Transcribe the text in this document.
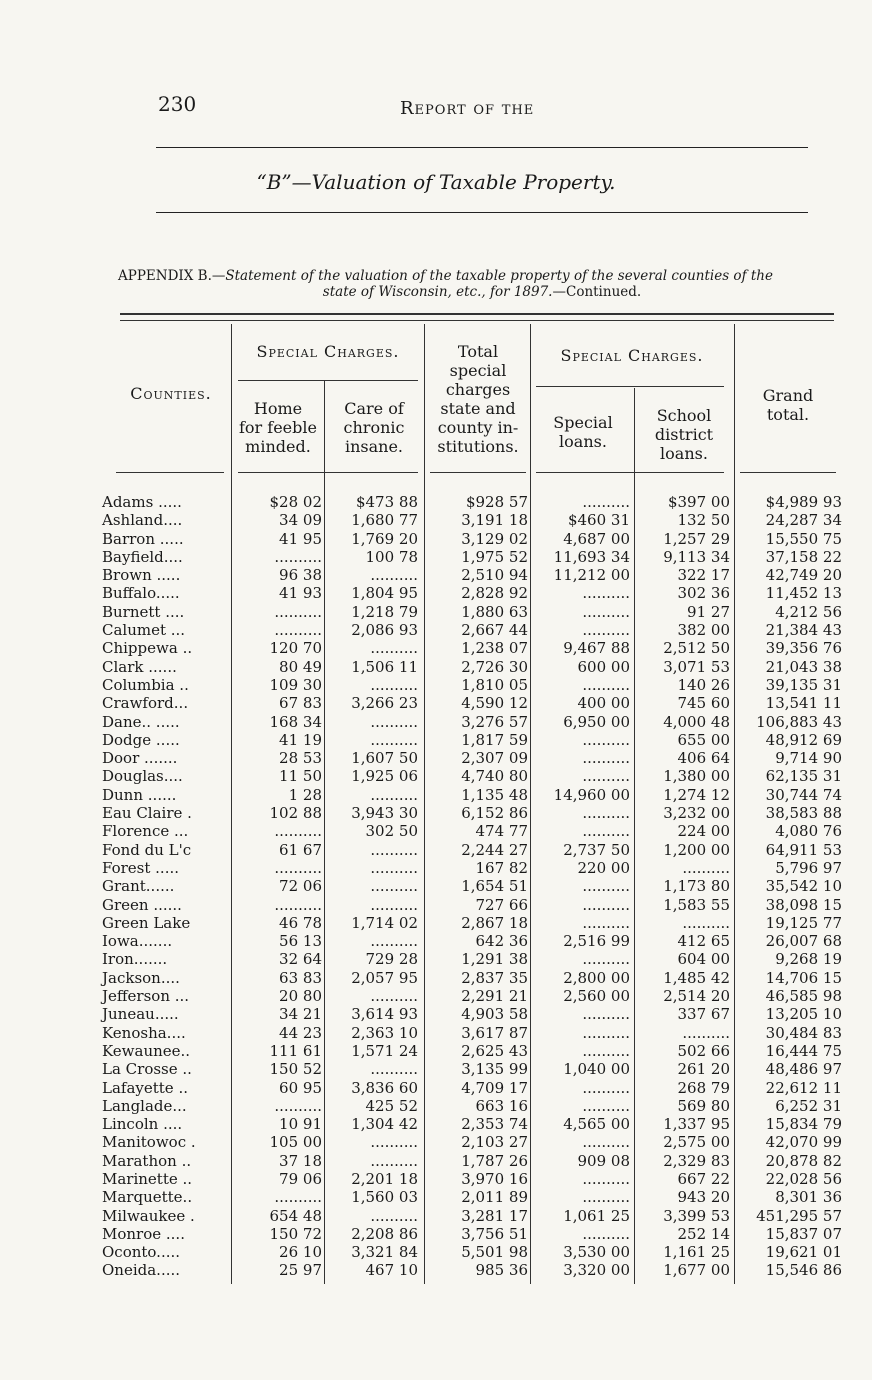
230	Report of the
“B”—Valuation of Taxable Property.
APPENDIX B.—Statement of the valuation of the taxable property of the several counties of the
state of Wisconsin, etc., for 1897.—Continued.
Counties.
Special Charges.
Home
for feeble
minded.
Care of
chronic
insane.
Total
special
charges
state and
county in-
stitutions.
Special Charges.
Special
loans.
School
district
loans.
Grand
total.
Adams .....
Ashland....
Barron .....
Bayfield....
Brown .....
Buffalo.....
Burnett ....
Calumet ...
Chippewa ..
Clark ......
Columbia ..
Crawford...
Dane.. .....
Dodge .....
Door .......
Douglas....
Dunn ......
Eau Claire .
Florence ...
Fond du L'c
Forest .....
Grant......
Green ......
Green Lake
Iowa.......
Iron.......
Jackson....
Jefferson ...
Juneau.....
Kenosha....
Kewaunee..
La Crosse ..
Lafayette ..
Langlade...
Lincoln ....
Manitowoc .
Marathon ..
Marinette ..
Marquette..
Milwaukee .
Monroe ....
Oconto.....
Oneida.....
$28 02
34 09
41 95
..........
96 38
41 93
..........
..........
120 70
80 49
109 30
67 83
168 34
41 19
28 53
11 50
1 28
102 88
..........
61 67
..........
72 06
..........
46 78
56 13
32 64
63 83
20 80
34 21
44 23
111 61
150 52
60 95
..........
10 91
105 00
37 18
79 06
..........
654 48
150 72
26 10
25 97
$473 88
1,680 77
1,769 20
100 78
..........
1,804 95
1,218 79
2,086 93
..........
1,506 11
..........
3,266 23
..........
..........
1,607 50
1,925 06
..........
3,943 30
302 50
..........
..........
..........
..........
1,714 02
..........
729 28
2,057 95
..........
3,614 93
2,363 10
1,571 24
..........
3,836 60
425 52
1,304 42
..........
..........
2,201 18
1,560 03
..........
2,208 86
3,321 84
467 10
$928 57
3,191 18
3,129 02
1,975 52
2,510 94
2,828 92
1,880 63
2,667 44
1,238 07
2,726 30
1,810 05
4,590 12
3,276 57
1,817 59
2,307 09
4,740 80
1,135 48
6,152 86
474 77
2,244 27
167 82
1,654 51
727 66
2,867 18
642 36
1,291 38
2,837 35
2,291 21
4,903 58
3,617 87
2,625 43
3,135 99
4,709 17
663 16
2,353 74
2,103 27
1,787 26
3,970 16
2,011 89
3,281 17
3,756 51
5,501 98
985 36
..........
$460 31
4,687 00
11,693 34
11,212 00
..........
..........
..........
9,467 88
600 00
..........
400 00
6,950 00
..........
..........
..........
14,960 00
..........
..........
2,737 50
220 00
..........
..........
..........
2,516 99
..........
2,800 00
2,560 00
..........
..........
..........
1,040 00
..........
..........
4,565 00
..........
909 08
..........
..........
1,061 25
..........
3,530 00
3,320 00
$397 00
132 50
1,257 29
9,113 34
322 17
302 36
91 27
382 00
2,512 50
3,071 53
140 26
745 60
4,000 48
655 00
406 64
1,380 00
1,274 12
3,232 00
224 00
1,200 00
..........
1,173 80
1,583 55
..........
412 65
604 00
1,485 42
2,514 20
337 67
..........
502 66
261 20
268 79
569 80
1,337 95
2,575 00
2,329 83
667 22
943 20
3,399 53
252 14
1,161 25
1,677 00
$4,989 93
24,287 34
15,550 75
37,158 22
42,749 20
11,452 13
4,212 56
21,384 43
39,356 76
21,043 38
39,135 31
13,541 11
106,883 43
48,912 69
9,714 90
62,135 31
30,744 74
38,583 88
4,080 76
64,911 53
5,796 97
35,542 10
38,098 15
19,125 77
26,007 68
9,268 19
14,706 15
46,585 98
13,205 10
30,484 83
16,444 75
48,486 97
22,612 11
6,252 31
15,834 79
42,070 99
20,878 82
22,028 56
8,301 36
451,295 57
15,837 07
19,621 01
15,546 86
